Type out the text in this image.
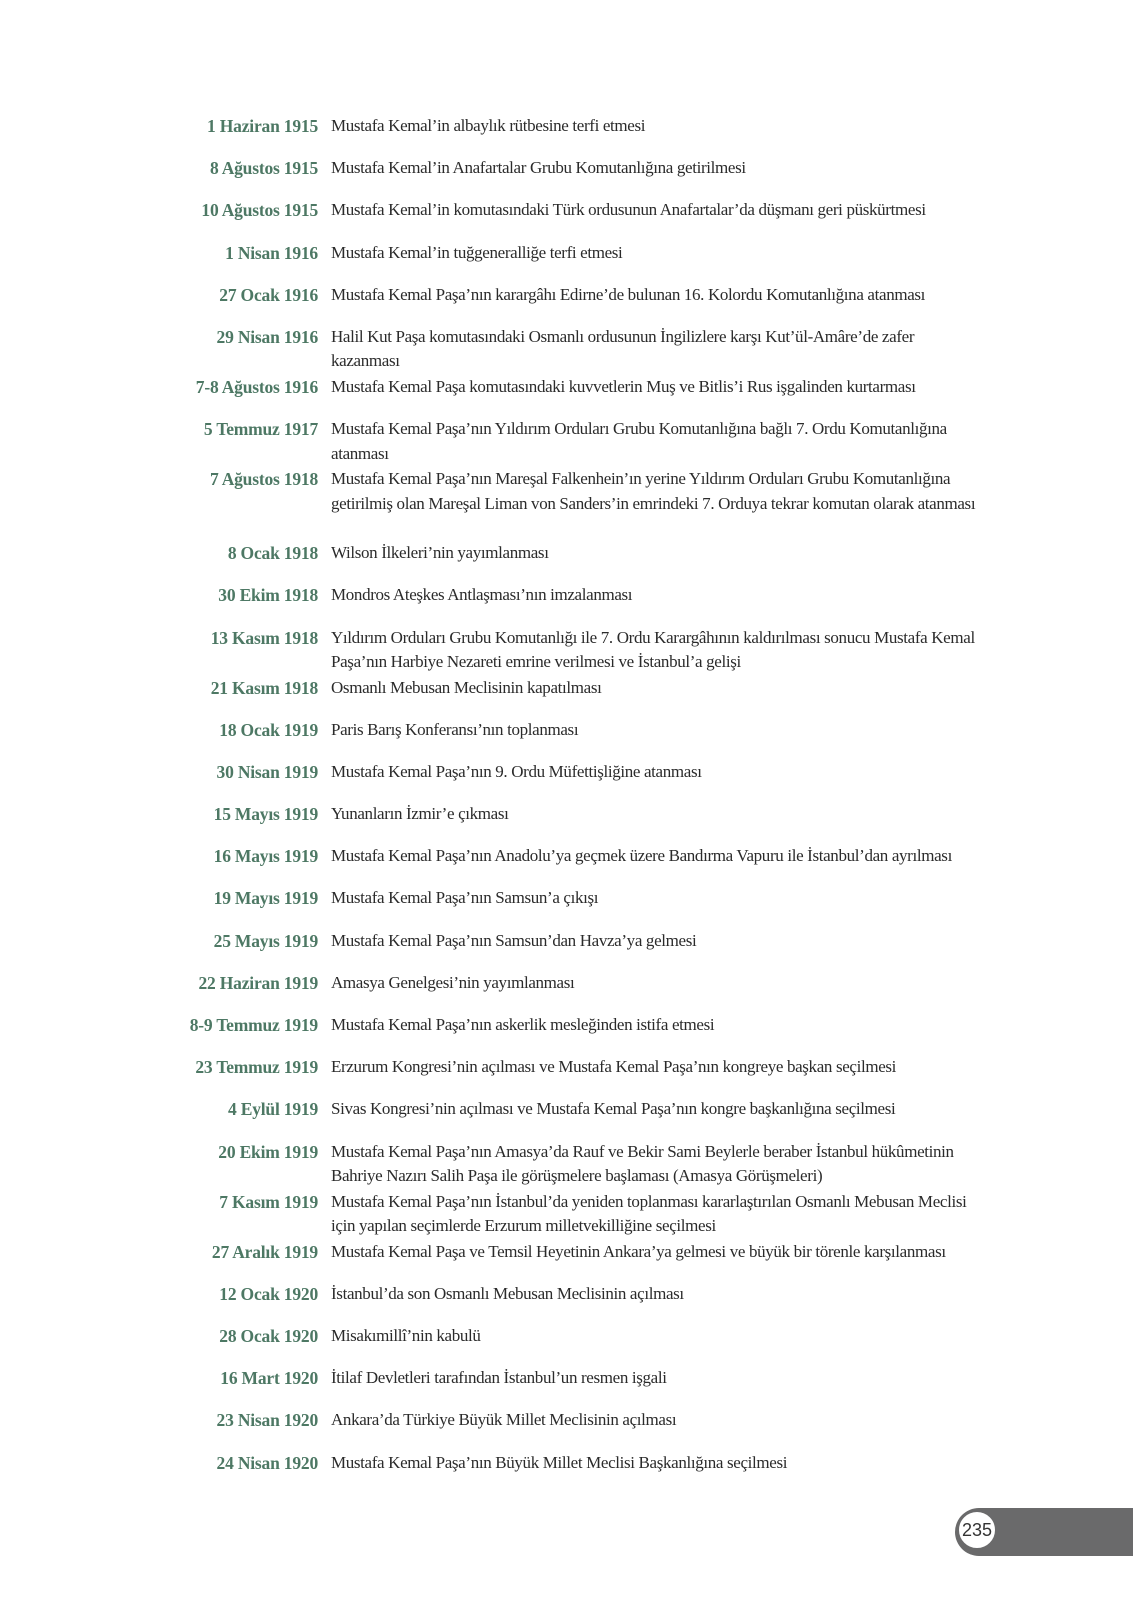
1 Haziran 1915 Mustafa Kemal’in albaylık rütbesine terfi etmesi
8 Ağustos 1915 Mustafa Kemal’in Anafartalar Grubu Komutanlığına getirilmesi
10 Ağustos 1915 Mustafa Kemal’in komutasındaki Türk ordusunun Anafartalar’da düşmanı geri püskürtmesi
1 Nisan 1916 Mustafa Kemal’in tuğgeneralliğe terfi etmesi
27 Ocak 1916 Mustafa Kemal Paşa’nın karargâhı Edirne’de bulunan 16. Kolordu Komutanlığına atanması
29 Nisan 1916 Halil Kut Paşa komutasındaki Osmanlı ordusunun İngilizlere karşı Kut’ül-Amâre’de zafer kazanması
7-8 Ağustos 1916 Mustafa Kemal Paşa komutasındaki kuvvetlerin Muş ve Bitlis’i Rus işgalinden kurtarması
5 Temmuz 1917 Mustafa Kemal Paşa’nın Yıldırım Orduları Grubu Komutanlığına bağlı 7. Ordu Komutanlığına atanması
7 Ağustos 1918 Mustafa Kemal Paşa’nın Mareşal Falkenhein’ın yerine Yıldırım Orduları Grubu Komutanlığına getirilmiş olan Mareşal Liman von Sanders’in emrindeki 7. Orduya tekrar komutan olarak atanması
8 Ocak 1918 Wilson İlkeleri’nin yayımlanması
30 Ekim 1918 Mondros Ateşkes Antlaşması’nın imzalanması
13 Kasım 1918 Yıldırım Orduları Grubu Komutanlığı ile 7. Ordu Karargâhının kaldırılması sonucu Mustafa Kemal Paşa’nın Harbiye Nezareti emrine verilmesi ve İstanbul’a gelişi
21 Kasım 1918 Osmanlı Mebusan Meclisinin kapatılması
18 Ocak 1919 Paris Barış Konferansı’nın toplanması
30 Nisan 1919 Mustafa Kemal Paşa’nın 9. Ordu Müfettişliğine atanması
15 Mayıs 1919 Yunanların İzmir’e çıkması
16 Mayıs 1919 Mustafa Kemal Paşa’nın Anadolu’ya geçmek üzere Bandırma Vapuru ile İstanbul’dan ayrılması
19 Mayıs 1919 Mustafa Kemal Paşa’nın Samsun’a çıkışı
25 Mayıs 1919 Mustafa Kemal Paşa’nın Samsun’dan Havza’ya gelmesi
22 Haziran 1919 Amasya Genelgesi’nin yayımlanması
8-9 Temmuz 1919 Mustafa Kemal Paşa’nın askerlik mesleğinden istifa etmesi
23 Temmuz 1919 Erzurum Kongresi’nin açılması ve Mustafa Kemal Paşa’nın kongreye başkan seçilmesi
4 Eylül 1919 Sivas Kongresi’nin açılması ve Mustafa Kemal Paşa’nın kongre başkanlığına seçilmesi
20 Ekim 1919 Mustafa Kemal Paşa’nın Amasya’da Rauf ve Bekir Sami Beylerle beraber İstanbul hükûmetinin Bahriye Nazırı Salih Paşa ile görüşmelere başlaması (Amasya Görüşmeleri)
7 Kasım 1919 Mustafa Kemal Paşa’nın İstanbul’da yeniden toplanması kararlaştırılan Osmanlı Mebusan Meclisi için yapılan seçimlerde Erzurum milletvekilliğine seçilmesi
27 Aralık 1919 Mustafa Kemal Paşa ve Temsil Heyetinin Ankara’ya gelmesi ve büyük bir törenle karşılanması
12 Ocak 1920 İstanbul’da son Osmanlı Mebusan Meclisinin açılması
28 Ocak 1920 Misakımillî’nin kabulü
16 Mart 1920 İtilaf Devletleri tarafından İstanbul’un resmen işgali
23 Nisan 1920 Ankara’da Türkiye Büyük Millet Meclisinin açılması
24 Nisan 1920 Mustafa Kemal Paşa’nın Büyük Millet Meclisi Başkanlığına seçilmesi
235
